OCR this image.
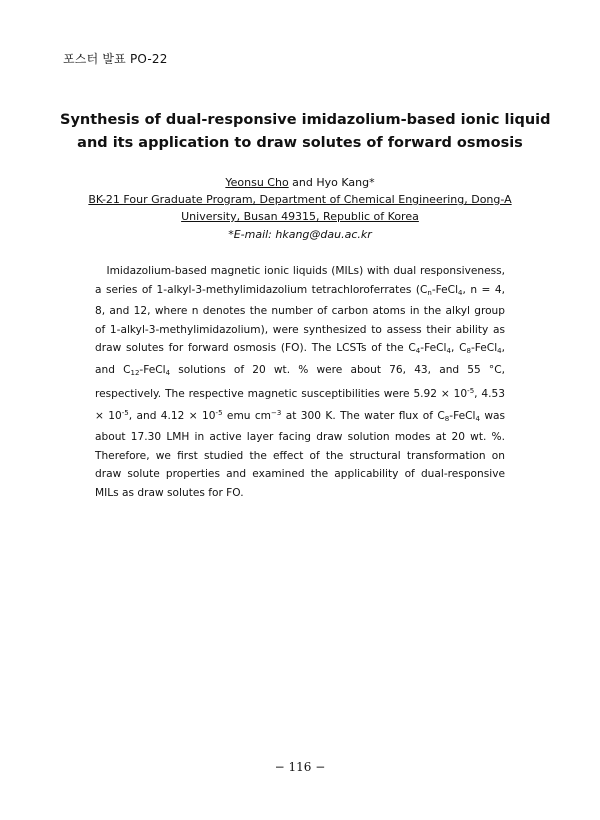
포스터 발표 PO-22
Synthesis of dual-responsive imidazolium-based ionic liquid
and its application to draw solutes of forward osmosis
Yeonsu Cho and Hyo Kang*
BK-21 Four Graduate Program, Department of Chemical Engineering, Dong-A
University, Busan 49315, Republic of Korea
*E-mail: hkang@dau.ac.kr
Imidazolium-based magnetic ionic liquids (MILs) with dual responsiveness, a series of 1-alkyl-3-methylimidazolium tetrachloroferrates ($C_n-FeCl_4$, n = 4, 8, and 12, where n denotes the number of carbon atoms in the alkyl group of 1-alkyl-3-methylimidazolium), were synthesized to assess their ability as draw solutes for forward osmosis (FO). The LCSTs of the $C_4-FeCl_4$, $C_8-FeCl_4$, and $C_{12}-FeCl_4$ solutions of 20 wt. % were about 76, 43, and 55 °C, respectively. The respective magnetic susceptibilities were $5.92 \times 10^{-5}$, $4.53 \times 10^{-5}$, and $4.12 \times 10^{-5}$ emu $cm^{-3}$ at 300 K. The water flux of $C_8-FeCl_4$ was about 17.30 LMH in active layer facing draw solution modes at 20 wt. %. Therefore, we first studied the effect of the structural transformation on draw solute properties and examined the applicability of dual-responsive MILs as draw solutes for FO.
− 116 −
